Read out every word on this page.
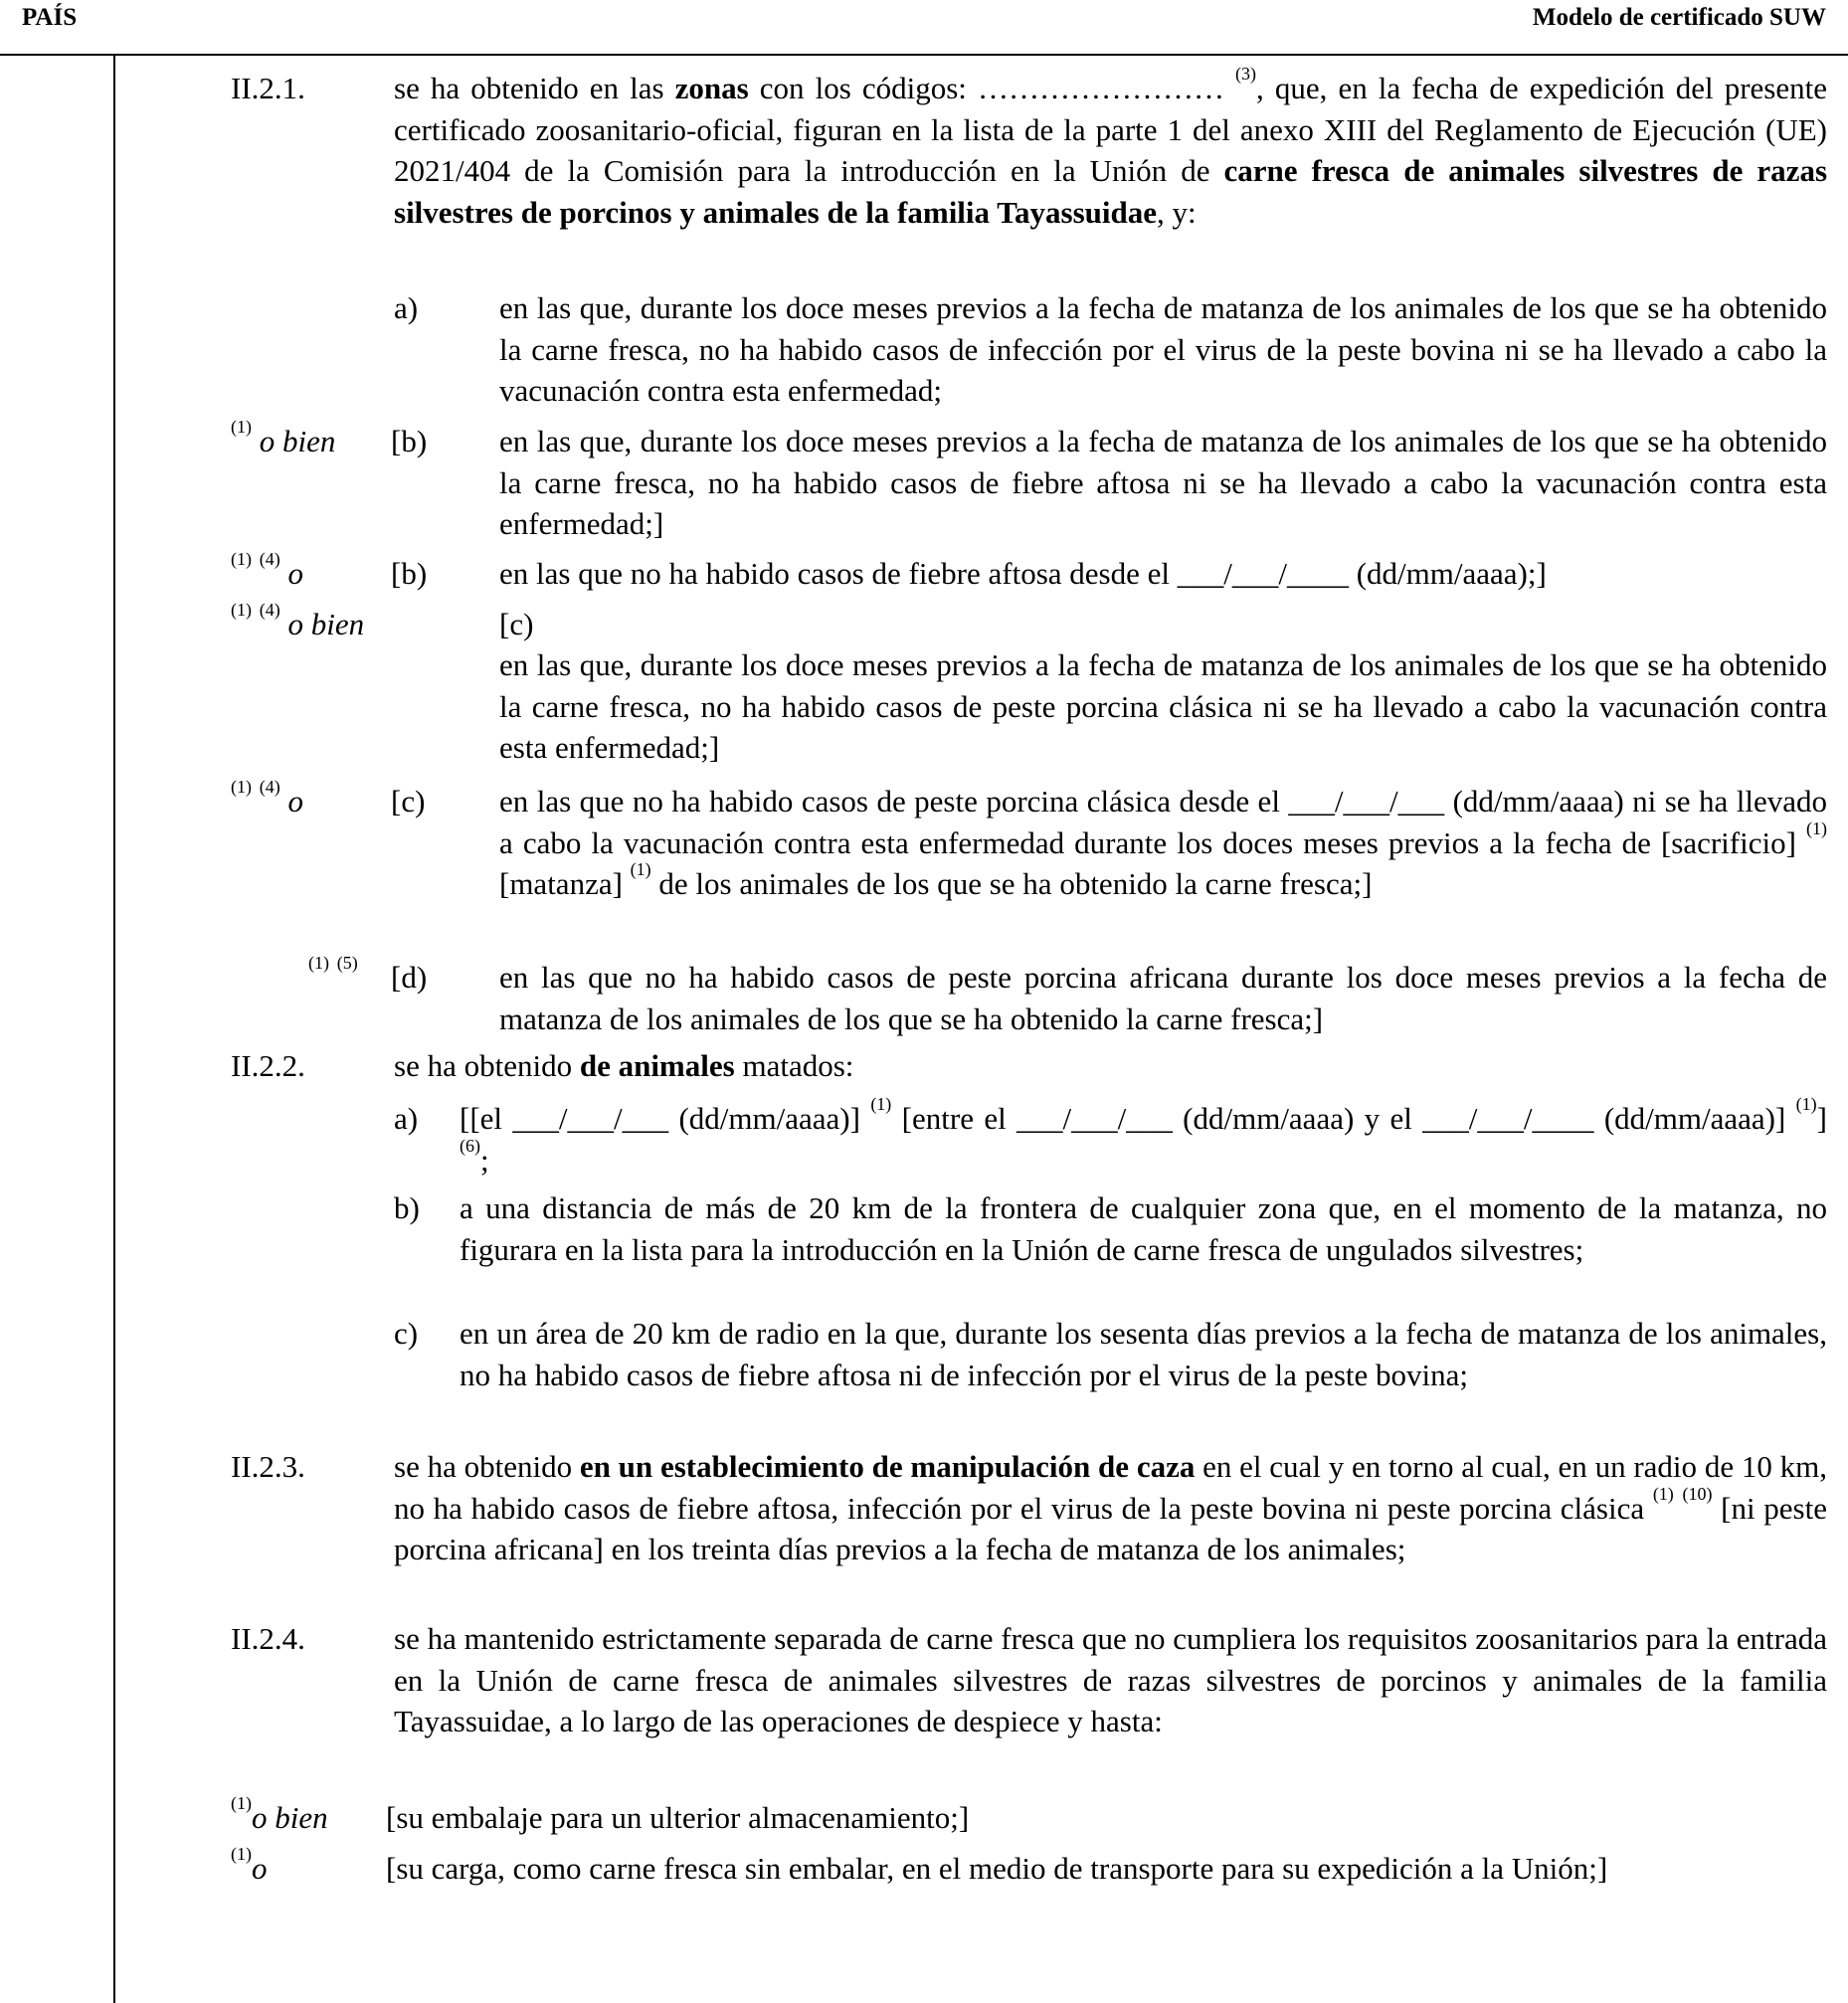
PAÍS	Modelo de certificado SUW
II.2.1.	se ha obtenido en las zonas con los códigos: …………………… $^{(3)}$, que, en la fecha de expedición del presente certificado zoosanitario-oficial, figuran en la lista de la parte 1 del anexo XIII del Reglamento de Ejecución (UE) 2021/404 de la Comisión para la introducción en la Unión de carne fresca de animales silvestres de razas silvestres de porcinos y animales de la familia Tayassuidae, y:
a)	en las que, durante los doce meses previos a la fecha de matanza de los animales de los que se ha obtenido la carne fresca, no ha habido casos de infección por el virus de la peste bovina ni se ha llevado a cabo la vacunación contra esta enfermedad;
$^{(1)}$ o bien [b) en las que, durante los doce meses previos a la fecha de matanza de los animales de los que se ha obtenido la carne fresca, no ha habido casos de fiebre aftosa ni se ha llevado a cabo la vacunación contra esta enfermedad;]
$^{(1)}$ $^{(4)}$ o	[b) en las que no ha habido casos de fiebre aftosa desde el ___/___/____ (dd/mm/aaaa);]
$^{(1)}$ $^{(4)}$ o bien	[c)
en las que, durante los doce meses previos a la fecha de matanza de los animales de los que se ha obtenido la carne fresca, no ha habido casos de peste porcina clásica ni se ha llevado a cabo la vacunación contra esta enfermedad;]
$^{(1)}$ $^{(4)}$ o	[c) en las que no ha habido casos de peste porcina clásica desde el ___/___/___ (dd/mm/aaaa) ni se ha llevado a cabo la vacunación contra esta enfermedad durante los doces meses previos a la fecha de [sacrificio] $^{(1)}$ [matanza] $^{(1)}$ de los animales de los que se ha obtenido la carne fresca;]
$^{(1)}$ $^{(5)}$ [d) en las que no ha habido casos de peste porcina africana durante los doce meses previos a la fecha de matanza de los animales de los que se ha obtenido la carne fresca;]
II.2.2.	se ha obtenido de animales matados:
a) [[el ___/___/___ (dd/mm/aaaa)] $^{(1)}$ [entre el ___/___/___ (dd/mm/aaaa) y el ___/___/____ (dd/mm/aaaa)] $^{(1)}$] $^{(6)}$;
b) a una distancia de más de 20 km de la frontera de cualquier zona que, en el momento de la matanza, no figurara en la lista para la introducción en la Unión de carne fresca de ungulados silvestres;
c) en un área de 20 km de radio en la que, durante los sesenta días previos a la fecha de matanza de los animales, no ha habido casos de fiebre aftosa ni de infección por el virus de la peste bovina;
II.2.3.	se ha obtenido en un establecimiento de manipulación de caza en el cual y en torno al cual, en un radio de 10 km, no ha habido casos de fiebre aftosa, infección por el virus de la peste bovina ni peste porcina clásica $^{(1)}$ $^{(10)}$ [ni peste porcina africana] en los treinta días previos a la fecha de matanza de los animales;
II.2.4.	se ha mantenido estrictamente separada de carne fresca que no cumpliera los requisitos zoosanitarios para la entrada en la Unión de carne fresca de animales silvestres de razas silvestres de porcinos y animales de la familia Tayassuidae, a lo largo de las operaciones de despiece y hasta:
$^{(1)}$o bien [su embalaje para un ulterior almacenamiento;]
$^{(1)}$o	[su carga, como carne fresca sin embalar, en el medio de transporte para su expedición a la Unión;]
